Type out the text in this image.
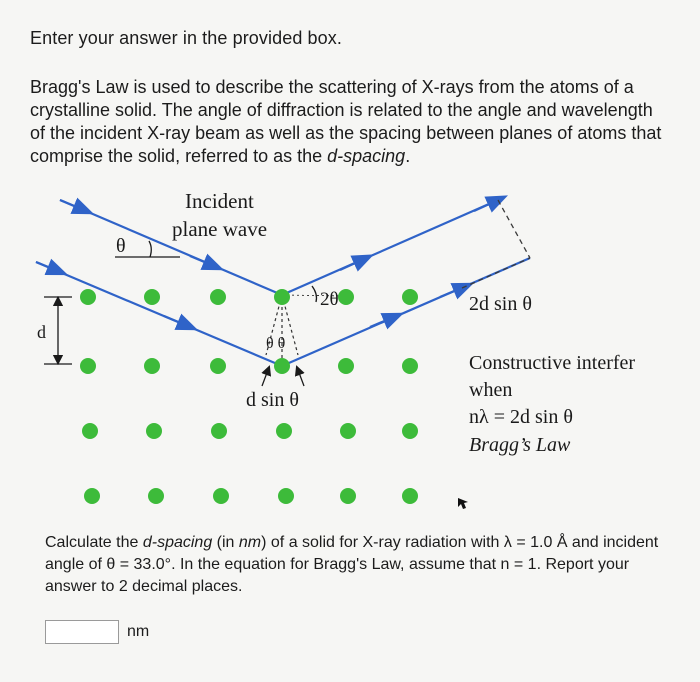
Enter your answer in the provided box.
Bragg's Law is used to describe the scattering of X-rays from the atoms of a crystalline solid. The angle of diffraction is related to the angle and wavelength of the incident X-ray beam as well as the spacing between planes of atoms that comprise the solid, referred to as the d-spacing.
Incident
plane wave
θ
2θ
θ θ
d
2d sin θ
d sin θ
Constructive interfer
when
nλ = 2d sin θ
Bragg’s Law
Calculate the d-spacing (in nm) of a solid for X-ray radiation with λ = 1.0 Å and incident angle of θ = 33.0°. In the equation for Bragg's Law, assume that n = 1. Report your answer to 2 decimal places.
nm
